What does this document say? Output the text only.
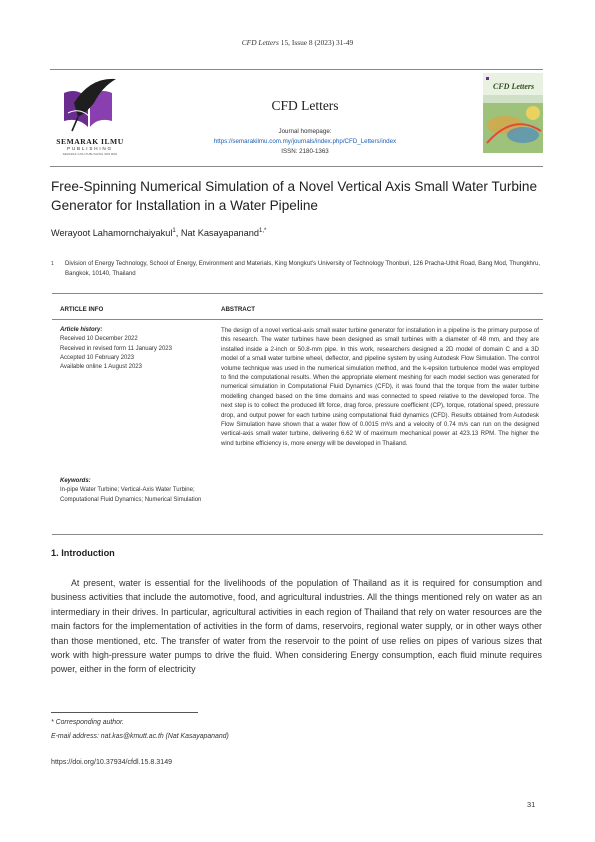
CFD Letters 15, Issue 8 (2023) 31-49
SEMARAK ILMU
PUBLISHING
SEMARAK ILMU PUBLISHING SDN BHD
CFD Letters
Journal homepage:
https://semarakilmu.com.my/journals/index.php/CFD_Letters/index
ISSN: 2180-1363
CFD Letters
Free-Spinning Numerical Simulation of a Novel Vertical Axis Small Water Turbine Generator for Installation in a Water Pipeline
Werayoot Lahamornchaiyakul$^1$, Nat Kasayapanand$^{1,*}$
1 Division of Energy Technology, School of Energy, Environment and Materials, King Mongkut's University of Technology Thonburi, 126 Pracha-Uthit Road, Bang Mod, Thungkhru, Bangkok, 10140, Thailand
ARTICLE INFO	ABSTRACT
Article history:
Received 10 December 2022
Received in revised form 11 January 2023
Accepted 10 February 2023
Available online 1 August 2023
Keywords:
In-pipe Water Turbine; Vertical-Axis Water Turbine; Computational Fluid Dynamics; Numerical Simulation
The design of a novel vertical-axis small water turbine generator for installation in a pipeline is the primary purpose of this research. The water turbines have been designed as small turbines with a diameter of 48 mm, and they are installed inside a 2-inch or 50.8-mm pipe. In this work, researchers designed a 2D model of domain C and a 3D model of a small water turbine wheel, deflector, and pipeline system by using Autodesk Flow Simulation. The control volume technique was used in the numerical simulation method, and the k-epsilon turbulence model was employed to find the computational results. When the appropriate element meshing for each model section was generated for numerical simulation in Computational Fluid Dynamics (CFD), it was found that the torque from the water turbine modelling changed based on the time domains and was connected to speed relative to the developed force. The next step is to collect the produced lift force, drag force, pressure coefficient (CP), torque, rotational speed, pressure drop, and output power for each turbine using computational fluid dynamics (CFD). Results obtained from Autodesk Flow Simulation have shown that a water flow of 0.0015 m³/s and a velocity of 0.74 m/s can run on the designed vertical-axis small water turbine, delivering 6.62 W of maximum mechanical power at 423.13 RPM. The higher the wind turbine efficiency is, more energy will be developed in Thailand.
1. Introduction
At present, water is essential for the livelihoods of the population of Thailand as it is required for consumption and business activities that include the automotive, food, and agricultural industries. All the things mentioned rely on water as an intermediary in their drives. In particular, agricultural activities in each region of Thailand that rely on water resources are the main factors for the implementation of activities in the form of dams, reservoirs, regional water supply, or in other ways other than those mentioned, etc. The transfer of water from the reservoir to the point of use relies on pipes of various sizes that work with high-pressure water pumps to drive the fluid. When considering Energy consumption, each fluid minute requires power, either in the form of electricity
* Corresponding author.
E-mail address: nat.kas@kmutt.ac.th (Nat Kasayapanand)
https://doi.org/10.37934/cfdl.15.8.3149
31
